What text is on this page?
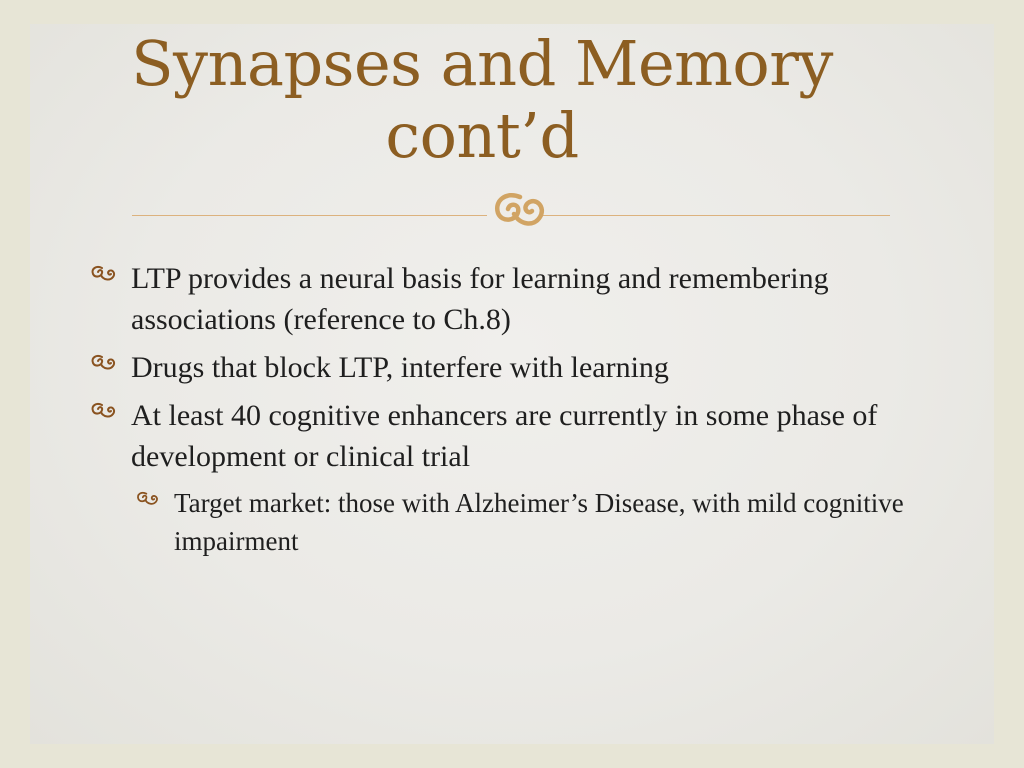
Synapses and Memory
cont’d
LTP provides a neural basis for learning and remembering associations (reference to Ch.8)
Drugs that block LTP, interfere with learning
At least 40 cognitive enhancers are currently in some phase of development or clinical trial
Target market: those with Alzheimer’s Disease, with mild cognitive impairment
